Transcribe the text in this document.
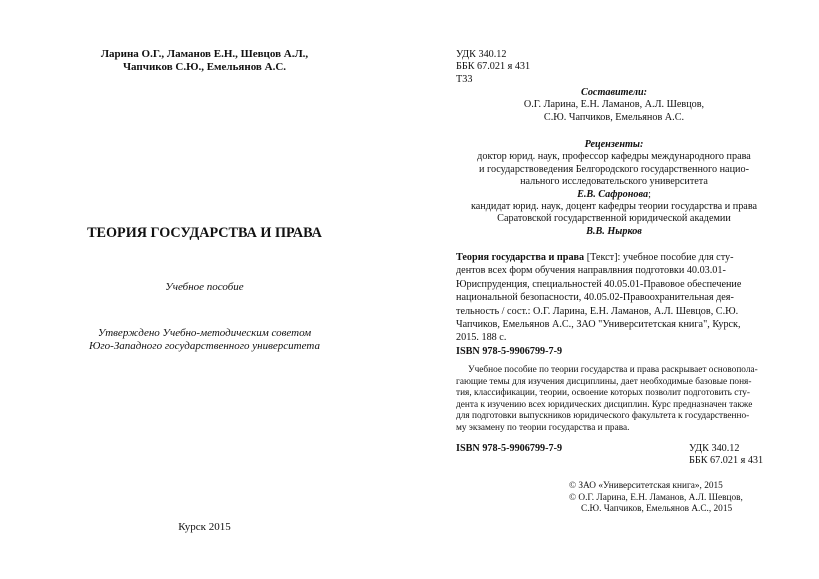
Ларина О.Г., Ламанов Е.Н., Шевцов А.Л.,
Чапчиков С.Ю., Емельянов А.С.
ТЕОРИЯ ГОСУДАРСТВА И ПРАВА
Учебное пособие
Утверждено Учебно-методическим советом
Юго-Западного государственного университета
Курск 2015
УДК 340.12
ББК 67.021 я 431
Т33
Составители:
О.Г. Ларина, Е.Н. Ламанов, А.Л. Шевцов,
С.Ю. Чапчиков, Емельянов А.С.
Рецензенты:
доктор юрид. наук, профессор кафедры международного права
и государствоведения Белгородского государственного нацио-
нального исследовательского университета
Е.В. Сафронова;
кандидат юрид. наук, доцент кафедры теории государства и права
Саратовской государственной юридической академии
В.В. Нырков
Теория государства и права [Текст]: учебное пособие для сту-
дентов всех форм обучения направлвния подготовки 40.03.01-
Юриспруденция, специальностей 40.05.01-Правовое обеспечение
национальной безопасности, 40.05.02-Правоохранительная дея-
тельность / сост.: О.Г. Ларина, Е.Н. Ламанов, А.Л. Шевцов, С.Ю.
Чапчиков, Емельянов А.С., ЗАО "Университетская книга", Курск,
2015. 188 с.
ISBN 978-5-9906799-7-9
Учебное пособие по теории государства и права раскрывает основопола-
гающие темы для изучения дисциплины, дает необходимые базовые поня-
тия, классификации, теории, освоение которых позволит подготовить сту-
дента к изучению всех юридических дисциплин. Курс предназначен также
для подготовки выпускников юридического факультета к государственно-
му экзамену по теории государства и права.
ISBN 978-5-9906799-7-9	УДК 340.12
ББК 67.021 я 431
© ЗАО «Университетская книга», 2015
© О.Г. Ларина, Е.Н. Ламанов, А.Л. Шевцов,
С.Ю. Чапчиков, Емельянов А.С., 2015
